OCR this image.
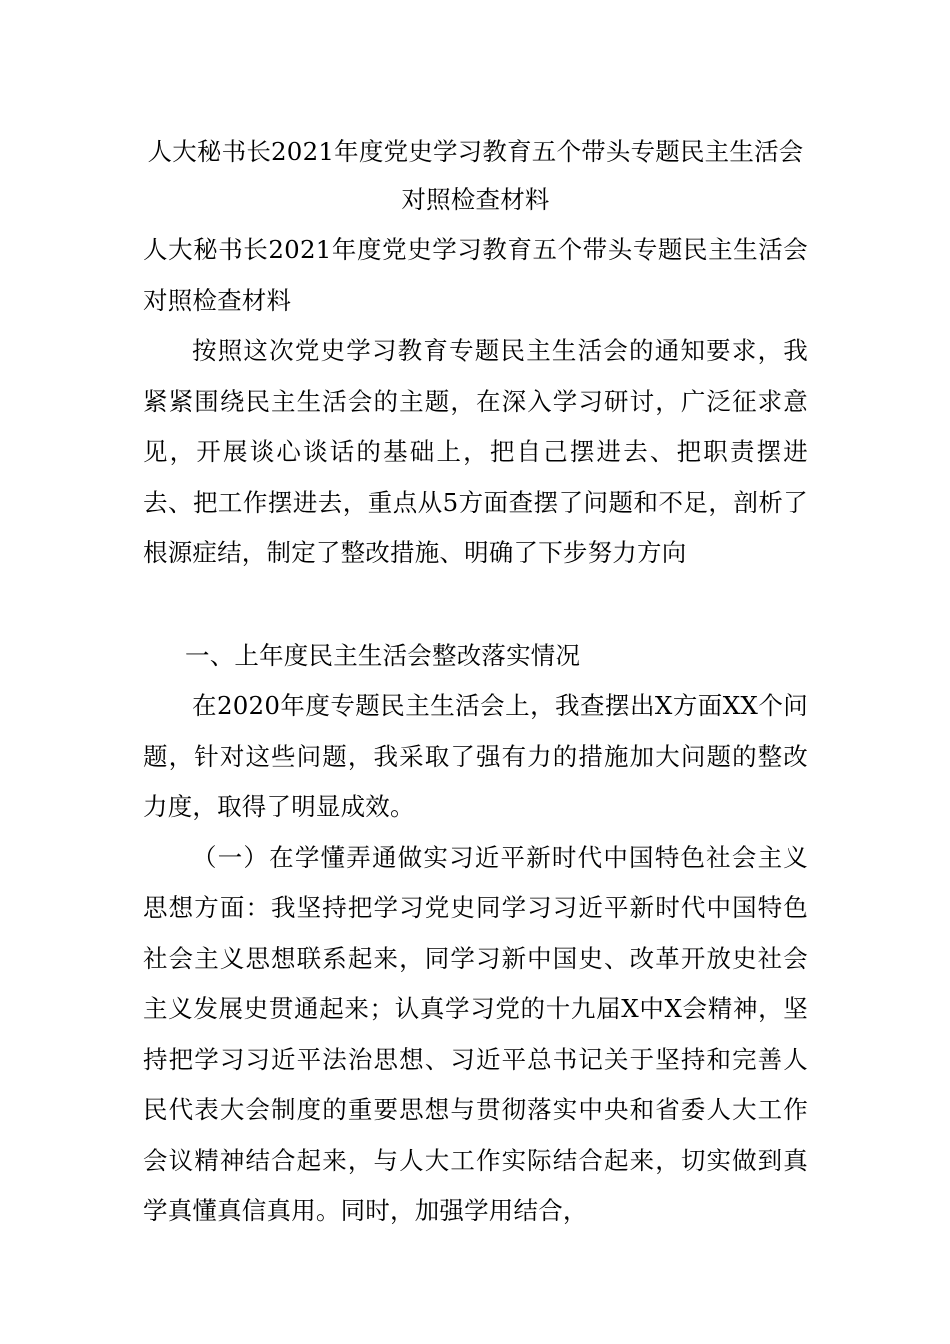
人大秘书长2021年度党史学习教育五个带头专题民主生活会对照检查材料

人大秘书长2021年度党史学习教育五个带头专题民主生活会对照检查材料

按照这次党史学习教育专题民主生活会的通知要求，我紧紧围绕民主生活会的主题，在深入学习研讨，广泛征求意见，开展谈心谈话的基础上，把自己摆进去、把职责摆进去、把工作摆进去，重点从5方面查摆了问题和不足，剖析了根源症结，制定了整改措施、明确了下步努力方向

一、上年度民主生活会整改落实情况

在2020年度专题民主生活会上，我查摆出X方面XX个问题，针对这些问题，我采取了强有力的措施加大问题的整改力度，取得了明显成效。

（一）在学懂弄通做实习近平新时代中国特色社会主义思想方面：我坚持把学习党史同学习习近平新时代中国特色社会主义思想联系起来，同学习新中国史、改革开放史社会主义发展史贯通起来；认真学习党的十九届X中X会精神，坚持把学习习近平法治思想、习近平总书记关于坚持和完善人民代表大会制度的重要思想与贯彻落实中央和省委人大工作会议精神结合起来，与人大工作实际结合起来，切实做到真学真懂真信真用。同时，加强学用结合，
